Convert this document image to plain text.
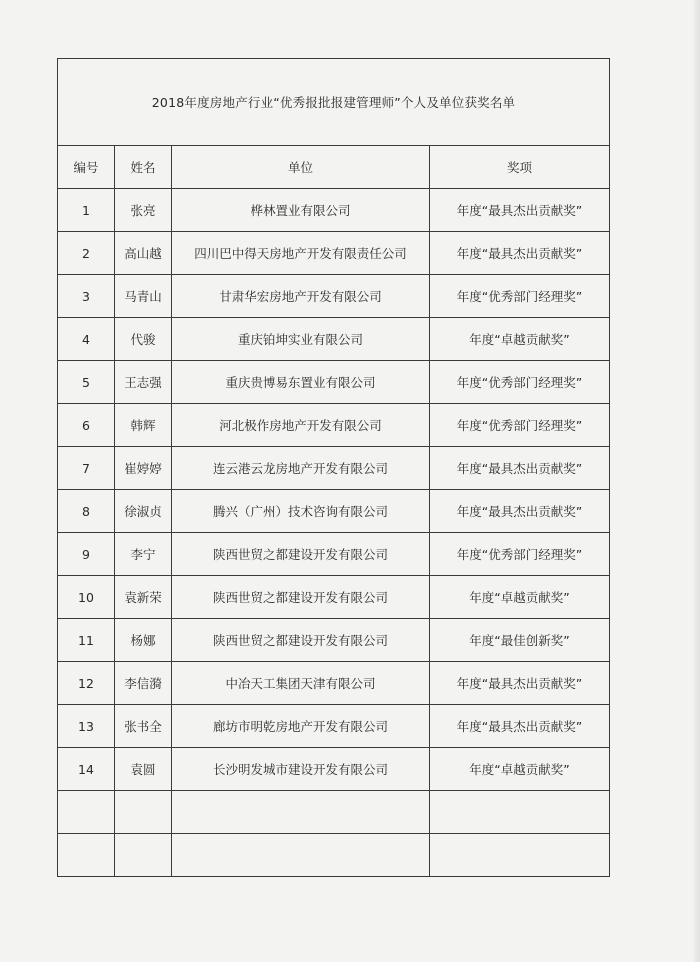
2018年度房地产行业“优秀报批报建管理师”个人及单位获奖名单			
编号	姓名	单位	奖项
1	张亮	桦林置业有限公司	年度“最具杰出贡献奖”
2	高山越	四川巴中得天房地产开发有限责任公司	年度“最具杰出贡献奖”
3	马青山	甘肃华宏房地产开发有限公司	年度“优秀部门经理奖”
4	代骏	重庆铂坤实业有限公司	年度“卓越贡献奖”
5	王志强	重庆贵博易东置业有限公司	年度“优秀部门经理奖”
6	韩辉	河北极作房地产开发有限公司	年度“优秀部门经理奖”
7	崔婷婷	连云港云龙房地产开发有限公司	年度“最具杰出贡献奖”
8	徐淑贞	腾兴（广州）技术咨询有限公司	年度“最具杰出贡献奖”
9	李宁	陕西世贸之都建设开发有限公司	年度“优秀部门经理奖”
10	袁新荣	陕西世贸之都建设开发有限公司	年度“卓越贡献奖”
11	杨娜	陕西世贸之都建设开发有限公司	年度“最佳创新奖”
12	李信漪	中冶天工集团天津有限公司	年度“最具杰出贡献奖”
13	张书全	廊坊市明乾房地产开发有限公司	年度“最具杰出贡献奖”
14	袁圆	长沙明发城市建设开发有限公司	年度“卓越贡献奖”
